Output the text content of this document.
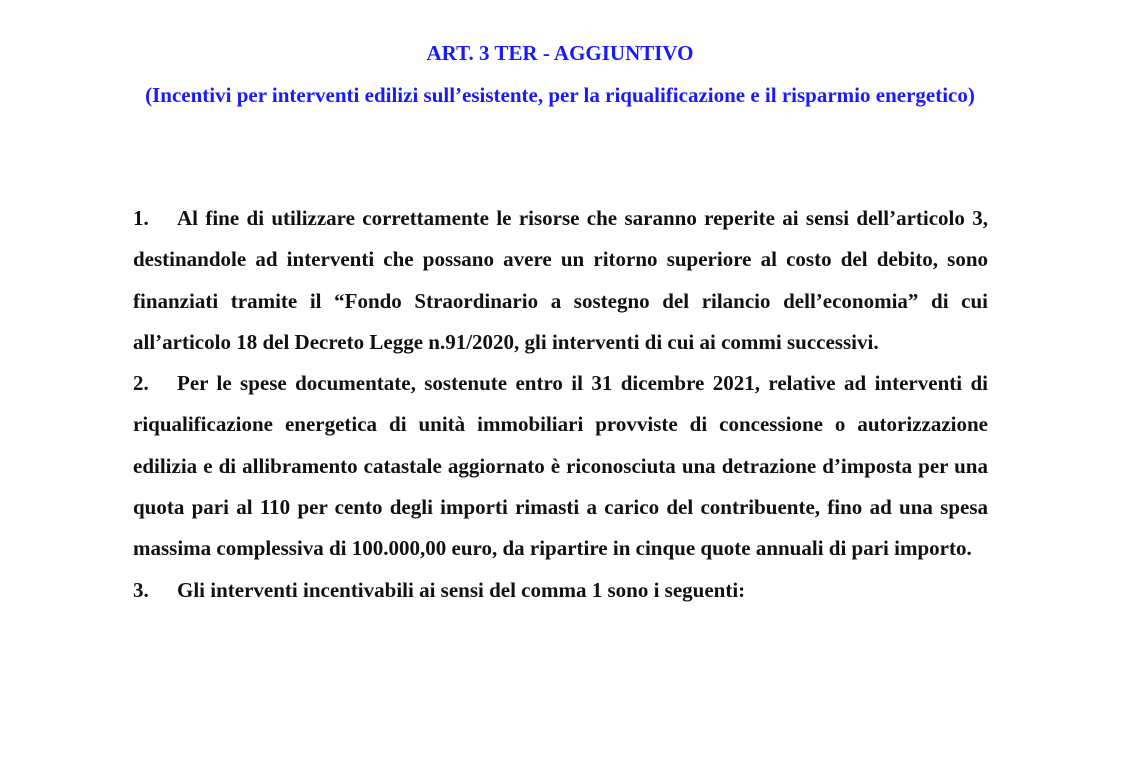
ART. 3 TER - AGGIUNTIVO
(Incentivi per interventi edilizi sull’esistente, per la riqualificazione e il risparmio energetico)
1. Al fine di utilizzare correttamente le risorse che saranno reperite ai sensi dell’articolo 3, destinandole ad interventi che possano avere un ritorno superiore al costo del debito, sono finanziati tramite il “Fondo Straordinario a sostegno del rilancio dell’economia” di cui all’articolo 18 del Decreto Legge n.91/2020, gli interventi di cui ai commi successivi.
2. Per le spese documentate, sostenute entro il 31 dicembre 2021, relative ad interventi di riqualificazione energetica di unità immobiliari provviste di concessione o autorizzazione edilizia e di allibramento catastale aggiornato è riconosciuta una detrazione d’imposta per una quota pari al 110 per cento degli importi rimasti a carico del contribuente, fino ad una spesa massima complessiva di 100.000,00 euro, da ripartire in cinque quote annuali di pari importo.
3. Gli interventi incentivabili ai sensi del comma 1 sono i seguenti:
